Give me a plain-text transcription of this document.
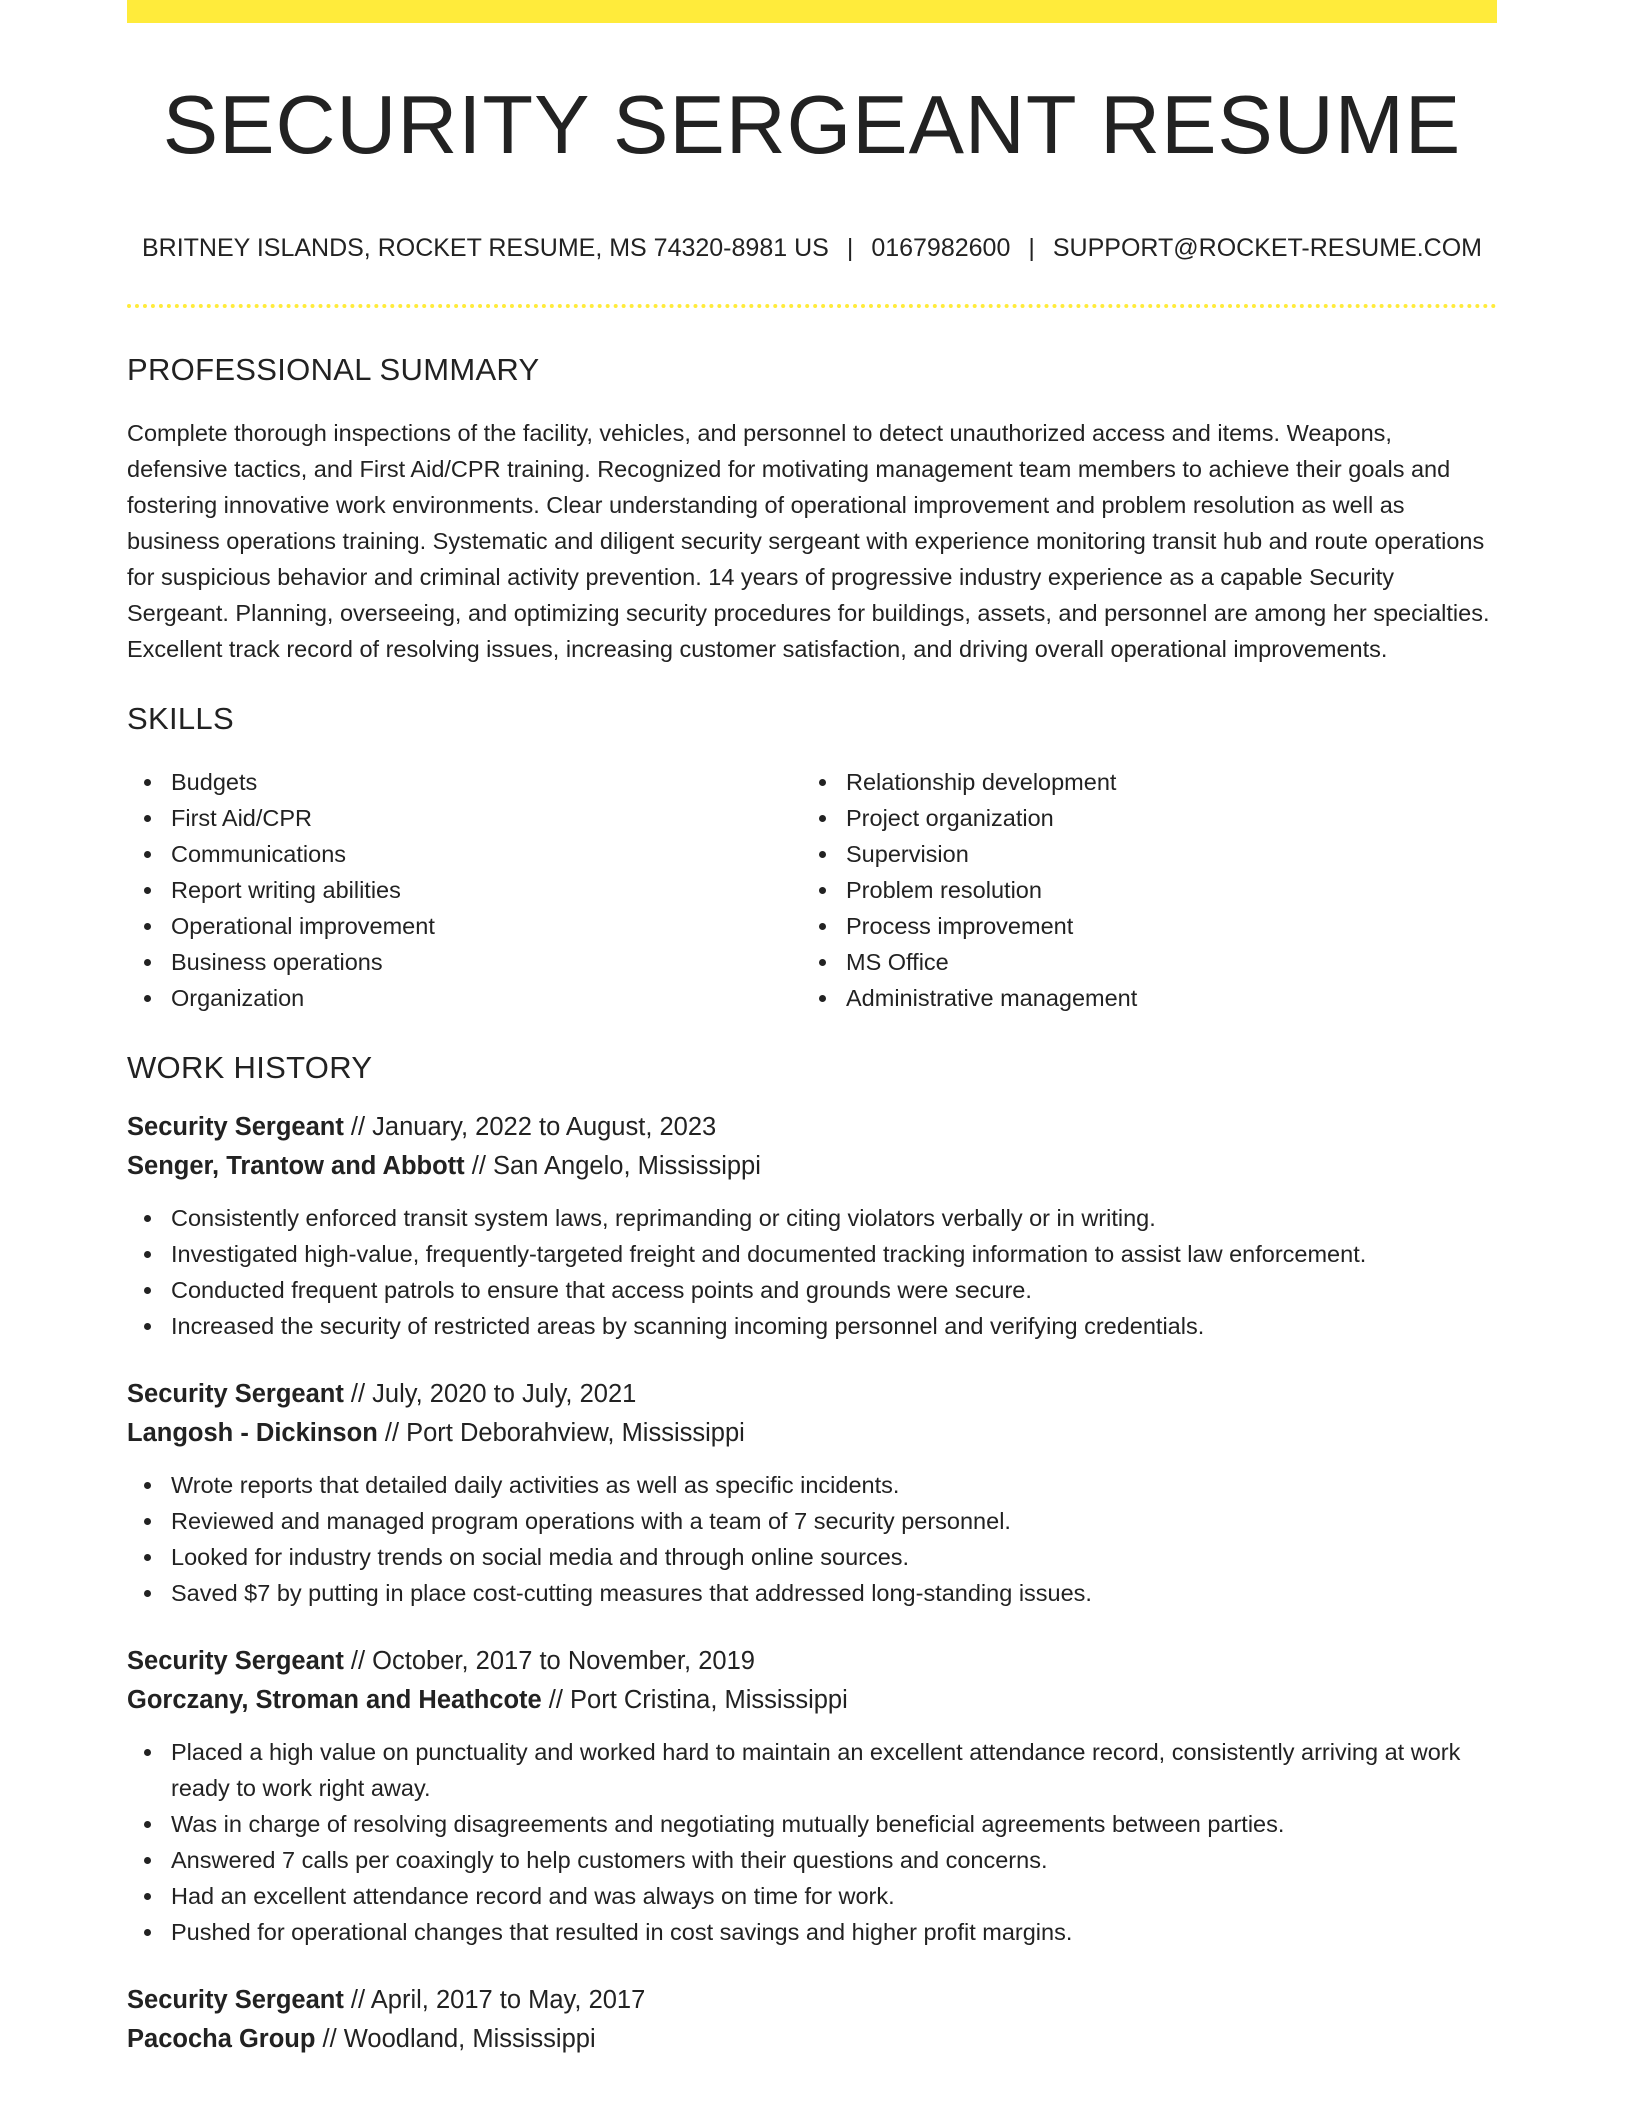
SECURITY SERGEANT RESUME
BRITNEY ISLANDS, ROCKET RESUME, MS 74320-8981 US | 0167982600 | SUPPORT@ROCKET-RESUME.COM
PROFESSIONAL SUMMARY

Complete thorough inspections of the facility, vehicles, and personnel to detect unauthorized access and items. Weapons, defensive tactics, and First Aid/CPR training. Recognized for motivating management team members to achieve their goals and fostering innovative work environments. Clear understanding of operational improvement and problem resolution as well as business operations training. Systematic and diligent security sergeant with experience monitoring transit hub and route operations for suspicious behavior and criminal activity prevention. 14 years of progressive industry experience as a capable Security Sergeant. Planning, overseeing, and optimizing security procedures for buildings, assets, and personnel are among her specialties. Excellent track record of resolving issues, increasing customer satisfaction, and driving overall operational improvements.

SKILLS
Budgets
First Aid/CPR
Communications
Report writing abilities
Operational improvement
Business operations
Organization
Relationship development
Project organization
Supervision
Problem resolution
Process improvement
MS Office
Administrative management
WORK HISTORY
Security Sergeant // January, 2022 to August, 2023
Senger, Trantow and Abbott // San Angelo, Mississippi
Consistently enforced transit system laws, reprimanding or citing violators verbally or in writing.
Investigated high-value, frequently-targeted freight and documented tracking information to assist law enforcement.
Conducted frequent patrols to ensure that access points and grounds were secure.
Increased the security of restricted areas by scanning incoming personnel and verifying credentials.
Security Sergeant // July, 2020 to July, 2021
Langosh - Dickinson // Port Deborahview, Mississippi
Wrote reports that detailed daily activities as well as specific incidents.
Reviewed and managed program operations with a team of 7 security personnel.
Looked for industry trends on social media and through online sources.
Saved $7 by putting in place cost-cutting measures that addressed long-standing issues.
Security Sergeant // October, 2017 to November, 2019
Gorczany, Stroman and Heathcote // Port Cristina, Mississippi
Placed a high value on punctuality and worked hard to maintain an excellent attendance record, consistently arriving at work ready to work right away.
Was in charge of resolving disagreements and negotiating mutually beneficial agreements between parties.
Answered 7 calls per coaxingly to help customers with their questions and concerns.
Had an excellent attendance record and was always on time for work.
Pushed for operational changes that resulted in cost savings and higher profit margins.
Security Sergeant // April, 2017 to May, 2017
Pacocha Group // Woodland, Mississippi
